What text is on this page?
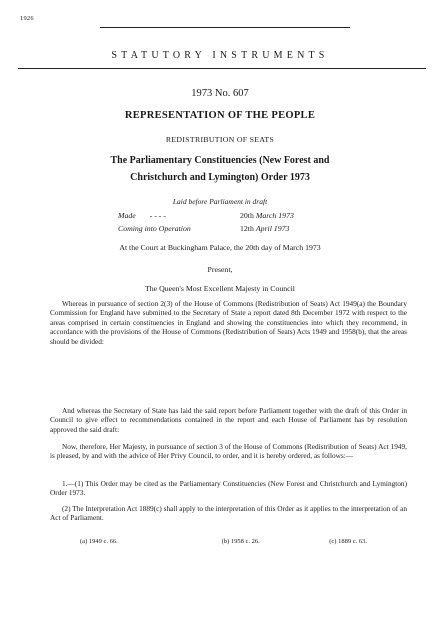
1926
STATUTORY INSTRUMENTS
1973 No. 607
REPRESENTATION OF THE PEOPLE
REDISTRIBUTION OF SEATS
The Parliamentary Constituencies (New Forest and
Christchurch and Lymington) Order 1973
Laid before Parliament in draft
Made - - - -	20th March 1973
Coming into Operation	12th April 1973
At the Court at Buckingham Palace, the 20th day of March 1973
Present,
The Queen's Most Excellent Majesty in Council
Whereas in pursuance of section 2(3) of the House of Commons (Redistribution of Seats) Act 1949(a) the Boundary Commission for England have submitted to the Secretary of State a report dated 8th December 1972 with respect to the areas comprised in certain constituencies in England and showing the constituencies into which they recommend, in accordance with the provisions of the House of Commons (Redistribution of Seats) Acts 1949 and 1958(b), that the areas should be divided:
And whereas the Secretary of State has laid the said report before Parliament together with the draft of this Order in Council to give effect to recommendations contained in the report and each House of Parliament has by resolution approved the said draft:
Now, therefore, Her Majesty, in pursuance of section 3 of the House of Commons (Redistribution of Seats) Act 1949, is pleased, by and with the advice of Her Privy Council, to order, and it is hereby ordered, as follows:—
1.—(1) This Order may be cited as the Parliamentary Constituencies (New Forest and Christchurch and Lymington) Order 1973.
(2) The Interpretation Act 1889(c) shall apply to the interpretation of this Order as it applies to the interpretation of an Act of Parliament.
(a) 1949 c. 66.	(b) 1958 c. 26.	(c) 1889 c. 63.
